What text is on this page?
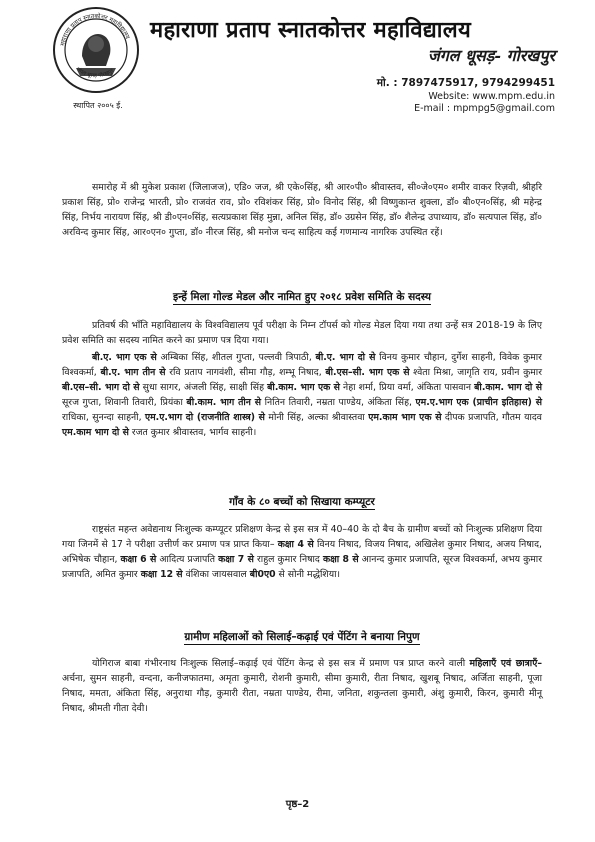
महाराणा प्रताप स्नातकोत्तर महाविद्यालय
जंगल धूसड़ गोरखपुर
स्थापित २००५ ई.
महाराणा प्रताप स्नातकोत्तर महाविद्यालय
जंगल धूसड़- गोरखपुर
मो. : 7897475917, 9794299451
Website: www.mpm.edu.in
E-mail : mpmpg5@gmail.com
समारोह में श्री मुकेश प्रकाश (जिलाजज), एडि० जज, श्री एके०सिंह, श्री आर०पी० श्रीवास्तव, सी०जे०एम० शमीर वाकर रिज़वी, श्रीहरि प्रकाश सिंह, प्रो० राजेन्द्र भारती, प्रो० राजवंत राव, प्रो० रविशंकर सिंह, प्रो० विनोद सिंह, श्री विष्णुकान्त शुक्ला, डॉ० बी०एन०सिंह, श्री महेन्द्र सिंह, निर्भय नारायण सिंह, श्री डी०एन०सिंह, सत्यप्रकाश सिंह मुन्ना, अनिल सिंह, डॉ० उग्रसेन सिंह, डॉ० शैलेन्द्र उपाध्याय, डॉ० सत्यपाल सिंह, डॉ० अरविन्द कुमार सिंह, आर०एन० गुप्ता, डॉ० नीरज सिंह, श्री मनोज चन्द साहित्य कई गणमान्य नागरिक उपस्थित रहें।
इन्हें मिला गोल्ड मेडल और नामित हुए २०१८ प्रवेश समिति के सदस्य
प्रतिवर्ष की भाँति महाविद्यालय के विश्वविद्यालय पूर्व परीक्षा के निम्न टॉपर्स को गोल्ड मेडल दिया गया तथा उन्हें सत्र 2018-19 के लिए प्रवेश समिति का सदस्य नामित करने का प्रमाण पत्र दिया गया।
बी.ए. भाग एक से अम्बिका सिंह, शीतल गुप्ता, पल्लवी त्रिपाठी, बी.ए. भाग दो से विनय कुमार चौहान, दुर्गेश साहनी, विवेक कुमार विश्वकर्मा, बी.ए. भाग तीन से रवि प्रताप नागवंशी, सीमा गौड़, शम्भू निषाद, बी.एस–सी. भाग एक से श्वेता मिश्रा, जागृति राय, प्रवीन कुमार बी.एस–सी. भाग दो से सुधा सागर, अंजली सिंह, साक्षी सिंह बी.काम. भाग एक से नेहा शर्मा, प्रिया वर्मा, अंकिता पासवान बी.काम. भाग दो से सूरज गुप्ता, शिवानी तिवारी, प्रियंका बी.काम. भाग तीन से नितिन तिवारी, नम्रता पाण्डेय, अंकिता सिंह, एम.ए.भाग एक (प्राचीन इतिहास) से राधिका, सुनन्दा साहनी, एम.ए.भाग दो (राजनीति शास्त्र) से मोनी सिंह, अल्का श्रीवास्तवा एम.काम भाग एक से दीपक प्रजापति, गौतम यादव एम.काम भाग दो से रजत कुमार श्रीवास्तव, भार्गव साहनी।
गाँव के ८० बच्चों को सिखाया कम्प्यूटर
राष्ट्रसंत महन्त अवेद्यनाथ निःशुल्क कम्प्यूटर प्रशिक्षण केन्द्र से इस सत्र में 40–40 के दो बैच के ग्रामीण बच्चों को निःशुल्क प्रशिक्षण दिया गया जिनमें से 17 ने परीक्षा उत्तीर्ण कर प्रमाण पत्र प्राप्त किया– कक्षा 4 से विनय निषाद, विजय निषाद, अखिलेश कुमार निषाद, अजय निषाद, अभिषेक चौहान, कक्षा 6 से आदित्य प्रजापति कक्षा 7 से राहुल कुमार निषाद कक्षा 8 से आनन्द कुमार प्रजापति, सूरज विश्वकर्मा, अभय कुमार प्रजापति, अमित कुमार कक्षा 12 से वंशिका जायसवाल बी0ए0 से सोनी मद्धेशिया।
ग्रामीण महिलाओं को सिलाई–कढ़ाई एवं पेंटिंग ने बनाया निपुण
योगिराज बाबा गंभीरनाथ निःशुल्क सिलाई–कढ़ाई एवं पेंटिंग केन्द्र से इस सत्र में प्रमाण पत्र प्राप्त करने वाली महिलाएँ एवं छात्राएँ– अर्चना, सुमन साहनी, वन्दना, कनीजफातमा, अमृता कुमारी, रोशनी कुमारी, सीमा कुमारी, रीता निषाद, खुशबू निषाद, अर्जिता साहनी, पूजा निषाद, ममता, अंकिता सिंह, अनुराधा गौड़, कुमारी रीता, नम्रता पाण्डेय, रीमा, जनिता, शकुन्तला कुमारी, अंशु कुमारी, किरन, कुमारी मीनू निषाद, श्रीमती गीता देवी।
पृष्ठ–2
